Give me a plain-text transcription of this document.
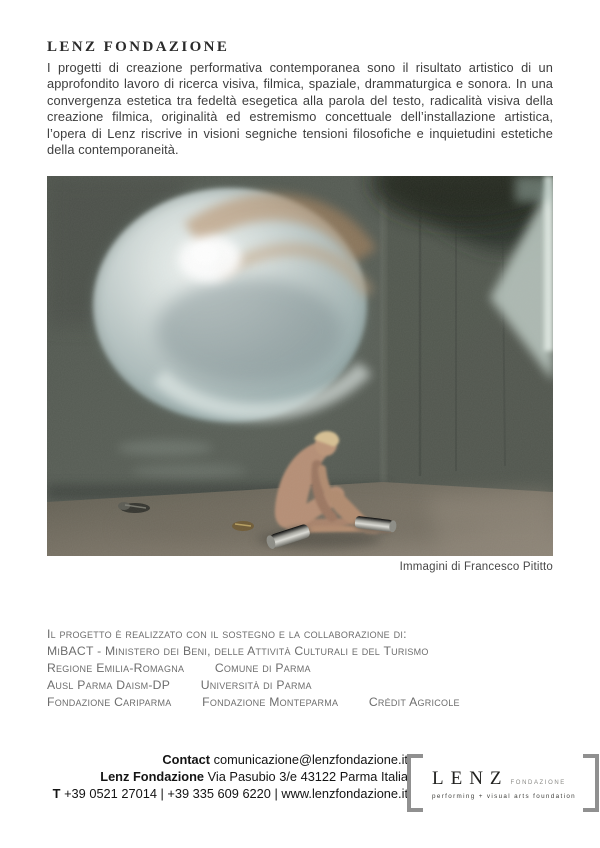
LENZ FONDAZIONE
I progetti di creazione performativa contemporanea sono il risultato artistico di un approfondito lavoro di ricerca visiva, filmica, spaziale, drammaturgica e sonora. In una convergenza estetica tra fedeltà esegetica alla parola del testo, radicalità visiva della creazione filmica, originalità ed estremismo concettuale dell’installazione artistica, l’opera di Lenz riscrive in visioni segniche tensioni filosofiche e inquietudini estetiche della contemporaneità.
Immagini di Francesco Pititto
Il progetto è realizzato con il sostegno e la collaborazione di:
MiBACT - Ministero dei Beni, delle Attività Culturali e del Turismo
Regione Emilia-Romagna	Comune di Parma
Ausl Parma Daism-DP	Università di Parma
Fondazione Cariparma	Fondazione Monteparma	Crédit Agricole
Contact comunicazione@lenzfondazione.it
Lenz Fondazione Via Pasubio 3/e 43122 Parma Italia
T +39 0521 27014 | +39 335 609 6220 | www.lenzfondazione.it
LENZ FONDAZIONE
performing + visual arts foundation
